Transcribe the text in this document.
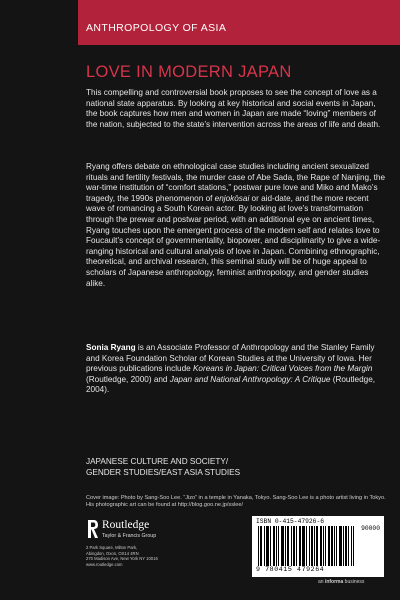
ANTHROPOLOGY OF ASIA
LOVE IN MODERN JAPAN

This compelling and controversial book proposes to see the concept of love as a national state apparatus. By looking at key historical and social events in Japan, the book captures how men and women in Japan are made “loving” members of the nation, subjected to the state’s intervention across the areas of life and death.

Ryang offers debate on ethnological case studies including ancient sexualized rituals and fertility festivals, the murder case of Abe Sada, the Rape of Nanjing, the war-time institution of “comfort stations,” postwar pure love and Miko and Mako’s tragedy, the 1990s phenomenon of enjokōsai or aid-date, and the more recent wave of romancing a South Korean actor. By looking at love’s transformation through the prewar and postwar period, with an additional eye on ancient times, Ryang touches upon the emergent process of the modern self and relates love to Foucault’s concept of governmentality, biopower, and disciplinarity to give a wide-ranging historical and cultural analysis of love in Japan. Combining ethnographic, theoretical, and archival research, this seminal study will be of huge appeal to scholars of Japanese anthropology, feminist anthropology, and gender studies alike.

Sonia Ryang is an Associate Professor of Anthropology and the Stanley Family and Korea Foundation Scholar of Korean Studies at the University of Iowa. Her previous publications include Koreans in Japan: Critical Voices from the Margin (Routledge, 2000) and Japan and National Anthropology: A Critique (Routledge, 2004).

JAPANESE CULTURE AND SOCIETY/
GENDER STUDIES/EAST ASIA STUDIES
Cover image: Photo by Sang-Soo Lee. “Jizo” in a temple in Yanaka, Tokyo. Sang-Soo Lee is a photo artist living in Tokyo. His photographic art can be found at http://blog.goo.ne.jp/sslee/
ISBN 0-415-47926-6
90000
9 780415 479264
Routledge
Taylor & Francis Group
2 Park Square, Milton Park,
Abingdon, Oxon, OX14 4RN
270 Madison Ave, New York NY 10016
www.routledge.com
an informa business
